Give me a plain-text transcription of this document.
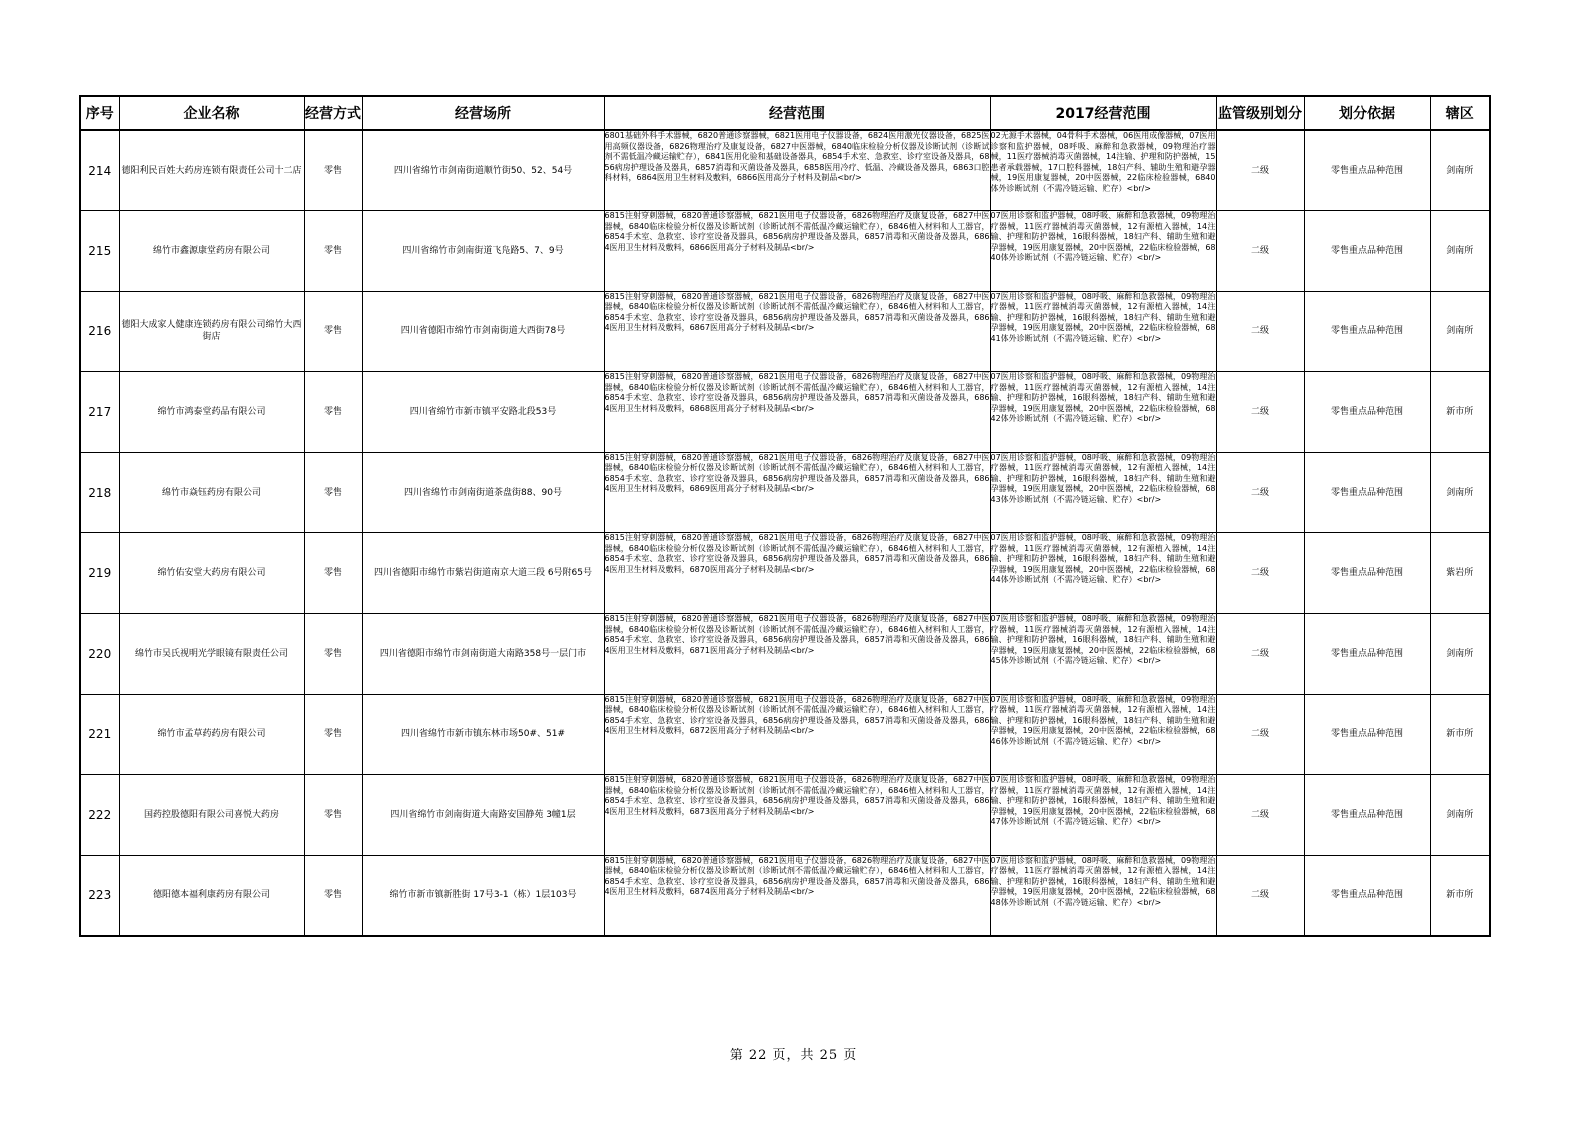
序号	企业名称	经营方式	经营场所	经营范围	2017经营范围	监管级别划分	划分依据	辖区
214	德阳利民百姓大药房连锁有限责任公司十二店	零售	四川省绵竹市剑南街道顺竹街50、52、54号	6801基础外科手术器械，6820普通诊察器械，6821医用电子仪器设备，6824医用激光仪器设备，6825医用高频仪器设备，6826物理治疗及康复设备，6827中医器械，6840临床检验分析仪器及诊断试剂（诊断试剂不需低温冷藏运输贮存），6841医用化验和基础设备器具，6854手术室、急救室、诊疗室设备及器具，6856病房护理设备及器具，6857消毒和灭菌设备及器具，6858医用冷疗、低温、冷藏设备及器具，6863口腔科材料，6864医用卫生材料及敷料，6866医用高分子材料及制品<br/>	02无源手术器械，04骨科手术器械，06医用成像器械，07医用诊察和监护器械，08呼吸、麻醉和急救器械，09物理治疗器械，11医疗器械消毒灭菌器械，14注输、护理和防护器械，15患者承载器械，17口腔科器械，18妇产科、辅助生殖和避孕器械，19医用康复器械，20中医器械，22临床检验器械，6840体外诊断试剂（不需冷链运输、贮存）<br/>	二级	零售重点品种范围	剑南所
215	绵竹市鑫源康堂药房有限公司	零售	四川省绵竹市剑南街道飞凫路5、7、9号	6815注射穿刺器械，6820普通诊察器械，6821医用电子仪器设备，6826物理治疗及康复设备，6827中医器械，6840临床检验分析仪器及诊断试剂（诊断试剂不需低温冷藏运输贮存），6846植入材料和人工器官，6854手术室、急救室、诊疗室设备及器具，6856病房护理设备及器具，6857消毒和灭菌设备及器具，6864医用卫生材料及敷料，6866医用高分子材料及制品<br/>	07医用诊察和监护器械，08呼吸、麻醉和急救器械，09物理治疗器械，11医疗器械消毒灭菌器械，12有源植入器械，14注输、护理和防护器械，16眼科器械，18妇产科、辅助生殖和避孕器械，19医用康复器械，20中医器械，22临床检验器械，6840体外诊断试剂（不需冷链运输、贮存）<br/>	二级	零售重点品种范围	剑南所
216	德阳大成家人健康连锁药房有限公司绵竹大西街店	零售	四川省德阳市绵竹市剑南街道大西街78号	6815注射穿刺器械，6820普通诊察器械，6821医用电子仪器设备，6826物理治疗及康复设备，6827中医器械，6840临床检验分析仪器及诊断试剂（诊断试剂不需低温冷藏运输贮存），6846植入材料和人工器官，6854手术室、急救室、诊疗室设备及器具，6856病房护理设备及器具，6857消毒和灭菌设备及器具，6864医用卫生材料及敷料，6867医用高分子材料及制品<br/>	07医用诊察和监护器械，08呼吸、麻醉和急救器械，09物理治疗器械，11医疗器械消毒灭菌器械，12有源植入器械，14注输、护理和防护器械，16眼科器械，18妇产科、辅助生殖和避孕器械，19医用康复器械，20中医器械，22临床检验器械，6841体外诊断试剂（不需冷链运输、贮存）<br/>	二级	零售重点品种范围	剑南所
217	绵竹市鸿泰堂药品有限公司	零售	四川省绵竹市新市镇平安路北段53号	6815注射穿刺器械，6820普通诊察器械，6821医用电子仪器设备，6826物理治疗及康复设备，6827中医器械，6840临床检验分析仪器及诊断试剂（诊断试剂不需低温冷藏运输贮存），6846植入材料和人工器官，6854手术室、急救室、诊疗室设备及器具，6856病房护理设备及器具，6857消毒和灭菌设备及器具，6864医用卫生材料及敷料，6868医用高分子材料及制品<br/>	07医用诊察和监护器械，08呼吸、麻醉和急救器械，09物理治疗器械，11医疗器械消毒灭菌器械，12有源植入器械，14注输、护理和防护器械，16眼科器械，18妇产科、辅助生殖和避孕器械，19医用康复器械，20中医器械，22临床检验器械，6842体外诊断试剂（不需冷链运输、贮存）<br/>	二级	零售重点品种范围	新市所
218	绵竹市焱钰药房有限公司	零售	四川省绵竹市剑南街道茶盘街88、90号	6815注射穿刺器械，6820普通诊察器械，6821医用电子仪器设备，6826物理治疗及康复设备，6827中医器械，6840临床检验分析仪器及诊断试剂（诊断试剂不需低温冷藏运输贮存），6846植入材料和人工器官，6854手术室、急救室、诊疗室设备及器具，6856病房护理设备及器具，6857消毒和灭菌设备及器具，6864医用卫生材料及敷料，6869医用高分子材料及制品<br/>	07医用诊察和监护器械，08呼吸、麻醉和急救器械，09物理治疗器械，11医疗器械消毒灭菌器械，12有源植入器械，14注输、护理和防护器械，16眼科器械，18妇产科、辅助生殖和避孕器械，19医用康复器械，20中医器械，22临床检验器械，6843体外诊断试剂（不需冷链运输、贮存）<br/>	二级	零售重点品种范围	剑南所
219	绵竹佑安堂大药房有限公司	零售	四川省德阳市绵竹市紫岩街道南京大道三段 6号附65号	6815注射穿刺器械，6820普通诊察器械，6821医用电子仪器设备，6826物理治疗及康复设备，6827中医器械，6840临床检验分析仪器及诊断试剂（诊断试剂不需低温冷藏运输贮存），6846植入材料和人工器官，6854手术室、急救室、诊疗室设备及器具，6856病房护理设备及器具，6857消毒和灭菌设备及器具，6864医用卫生材料及敷料，6870医用高分子材料及制品<br/>	07医用诊察和监护器械，08呼吸、麻醉和急救器械，09物理治疗器械，11医疗器械消毒灭菌器械，12有源植入器械，14注输、护理和防护器械，16眼科器械，18妇产科、辅助生殖和避孕器械，19医用康复器械，20中医器械，22临床检验器械，6844体外诊断试剂（不需冷链运输、贮存）<br/>	二级	零售重点品种范围	紫岩所
220	绵竹市吴氏视明光学眼镜有限责任公司	零售	四川省德阳市绵竹市剑南街道大南路358号一层门市	6815注射穿刺器械，6820普通诊察器械，6821医用电子仪器设备，6826物理治疗及康复设备，6827中医器械，6840临床检验分析仪器及诊断试剂（诊断试剂不需低温冷藏运输贮存），6846植入材料和人工器官，6854手术室、急救室、诊疗室设备及器具，6856病房护理设备及器具，6857消毒和灭菌设备及器具，6864医用卫生材料及敷料，6871医用高分子材料及制品<br/>	07医用诊察和监护器械，08呼吸、麻醉和急救器械，09物理治疗器械，11医疗器械消毒灭菌器械，12有源植入器械，14注输、护理和防护器械，16眼科器械，18妇产科、辅助生殖和避孕器械，19医用康复器械，20中医器械，22临床检验器械，6845体外诊断试剂（不需冷链运输、贮存）<br/>	二级	零售重点品种范围	剑南所
221	绵竹市孟草药药房有限公司	零售	四川省绵竹市新市镇东林市场50#、51#	6815注射穿刺器械，6820普通诊察器械，6821医用电子仪器设备，6826物理治疗及康复设备，6827中医器械，6840临床检验分析仪器及诊断试剂（诊断试剂不需低温冷藏运输贮存），6846植入材料和人工器官，6854手术室、急救室、诊疗室设备及器具，6856病房护理设备及器具，6857消毒和灭菌设备及器具，6864医用卫生材料及敷料，6872医用高分子材料及制品<br/>	07医用诊察和监护器械，08呼吸、麻醉和急救器械，09物理治疗器械，11医疗器械消毒灭菌器械，12有源植入器械，14注输、护理和防护器械，16眼科器械，18妇产科、辅助生殖和避孕器械，19医用康复器械，20中医器械，22临床检验器械，6846体外诊断试剂（不需冷链运输、贮存）<br/>	二级	零售重点品种范围	新市所
222	国药控股德阳有限公司喜悦大药房	零售	四川省绵竹市剑南街道大南路安国静苑 3幢1层	6815注射穿刺器械，6820普通诊察器械，6821医用电子仪器设备，6826物理治疗及康复设备，6827中医器械，6840临床检验分析仪器及诊断试剂（诊断试剂不需低温冷藏运输贮存），6846植入材料和人工器官，6854手术室、急救室、诊疗室设备及器具，6856病房护理设备及器具，6857消毒和灭菌设备及器具，6864医用卫生材料及敷料，6873医用高分子材料及制品<br/>	07医用诊察和监护器械，08呼吸、麻醉和急救器械，09物理治疗器械，11医疗器械消毒灭菌器械，12有源植入器械，14注输、护理和防护器械，16眼科器械，18妇产科、辅助生殖和避孕器械，19医用康复器械，20中医器械，22临床检验器械，6847体外诊断试剂（不需冷链运输、贮存）<br/>	二级	零售重点品种范围	剑南所
223	德阳德本福利康药房有限公司	零售	绵竹市新市镇新胜街 17号3-1（栋）1层103号	6815注射穿刺器械，6820普通诊察器械，6821医用电子仪器设备，6826物理治疗及康复设备，6827中医器械，6840临床检验分析仪器及诊断试剂（诊断试剂不需低温冷藏运输贮存），6846植入材料和人工器官，6854手术室、急救室、诊疗室设备及器具，6856病房护理设备及器具，6857消毒和灭菌设备及器具，6864医用卫生材料及敷料，6874医用高分子材料及制品<br/>	07医用诊察和监护器械，08呼吸、麻醉和急救器械，09物理治疗器械，11医疗器械消毒灭菌器械，12有源植入器械，14注输、护理和防护器械，16眼科器械，18妇产科、辅助生殖和避孕器械，19医用康复器械，20中医器械，22临床检验器械，6848体外诊断试剂（不需冷链运输、贮存）<br/>	二级	零售重点品种范围	新市所
第 22 页，共 25 页
